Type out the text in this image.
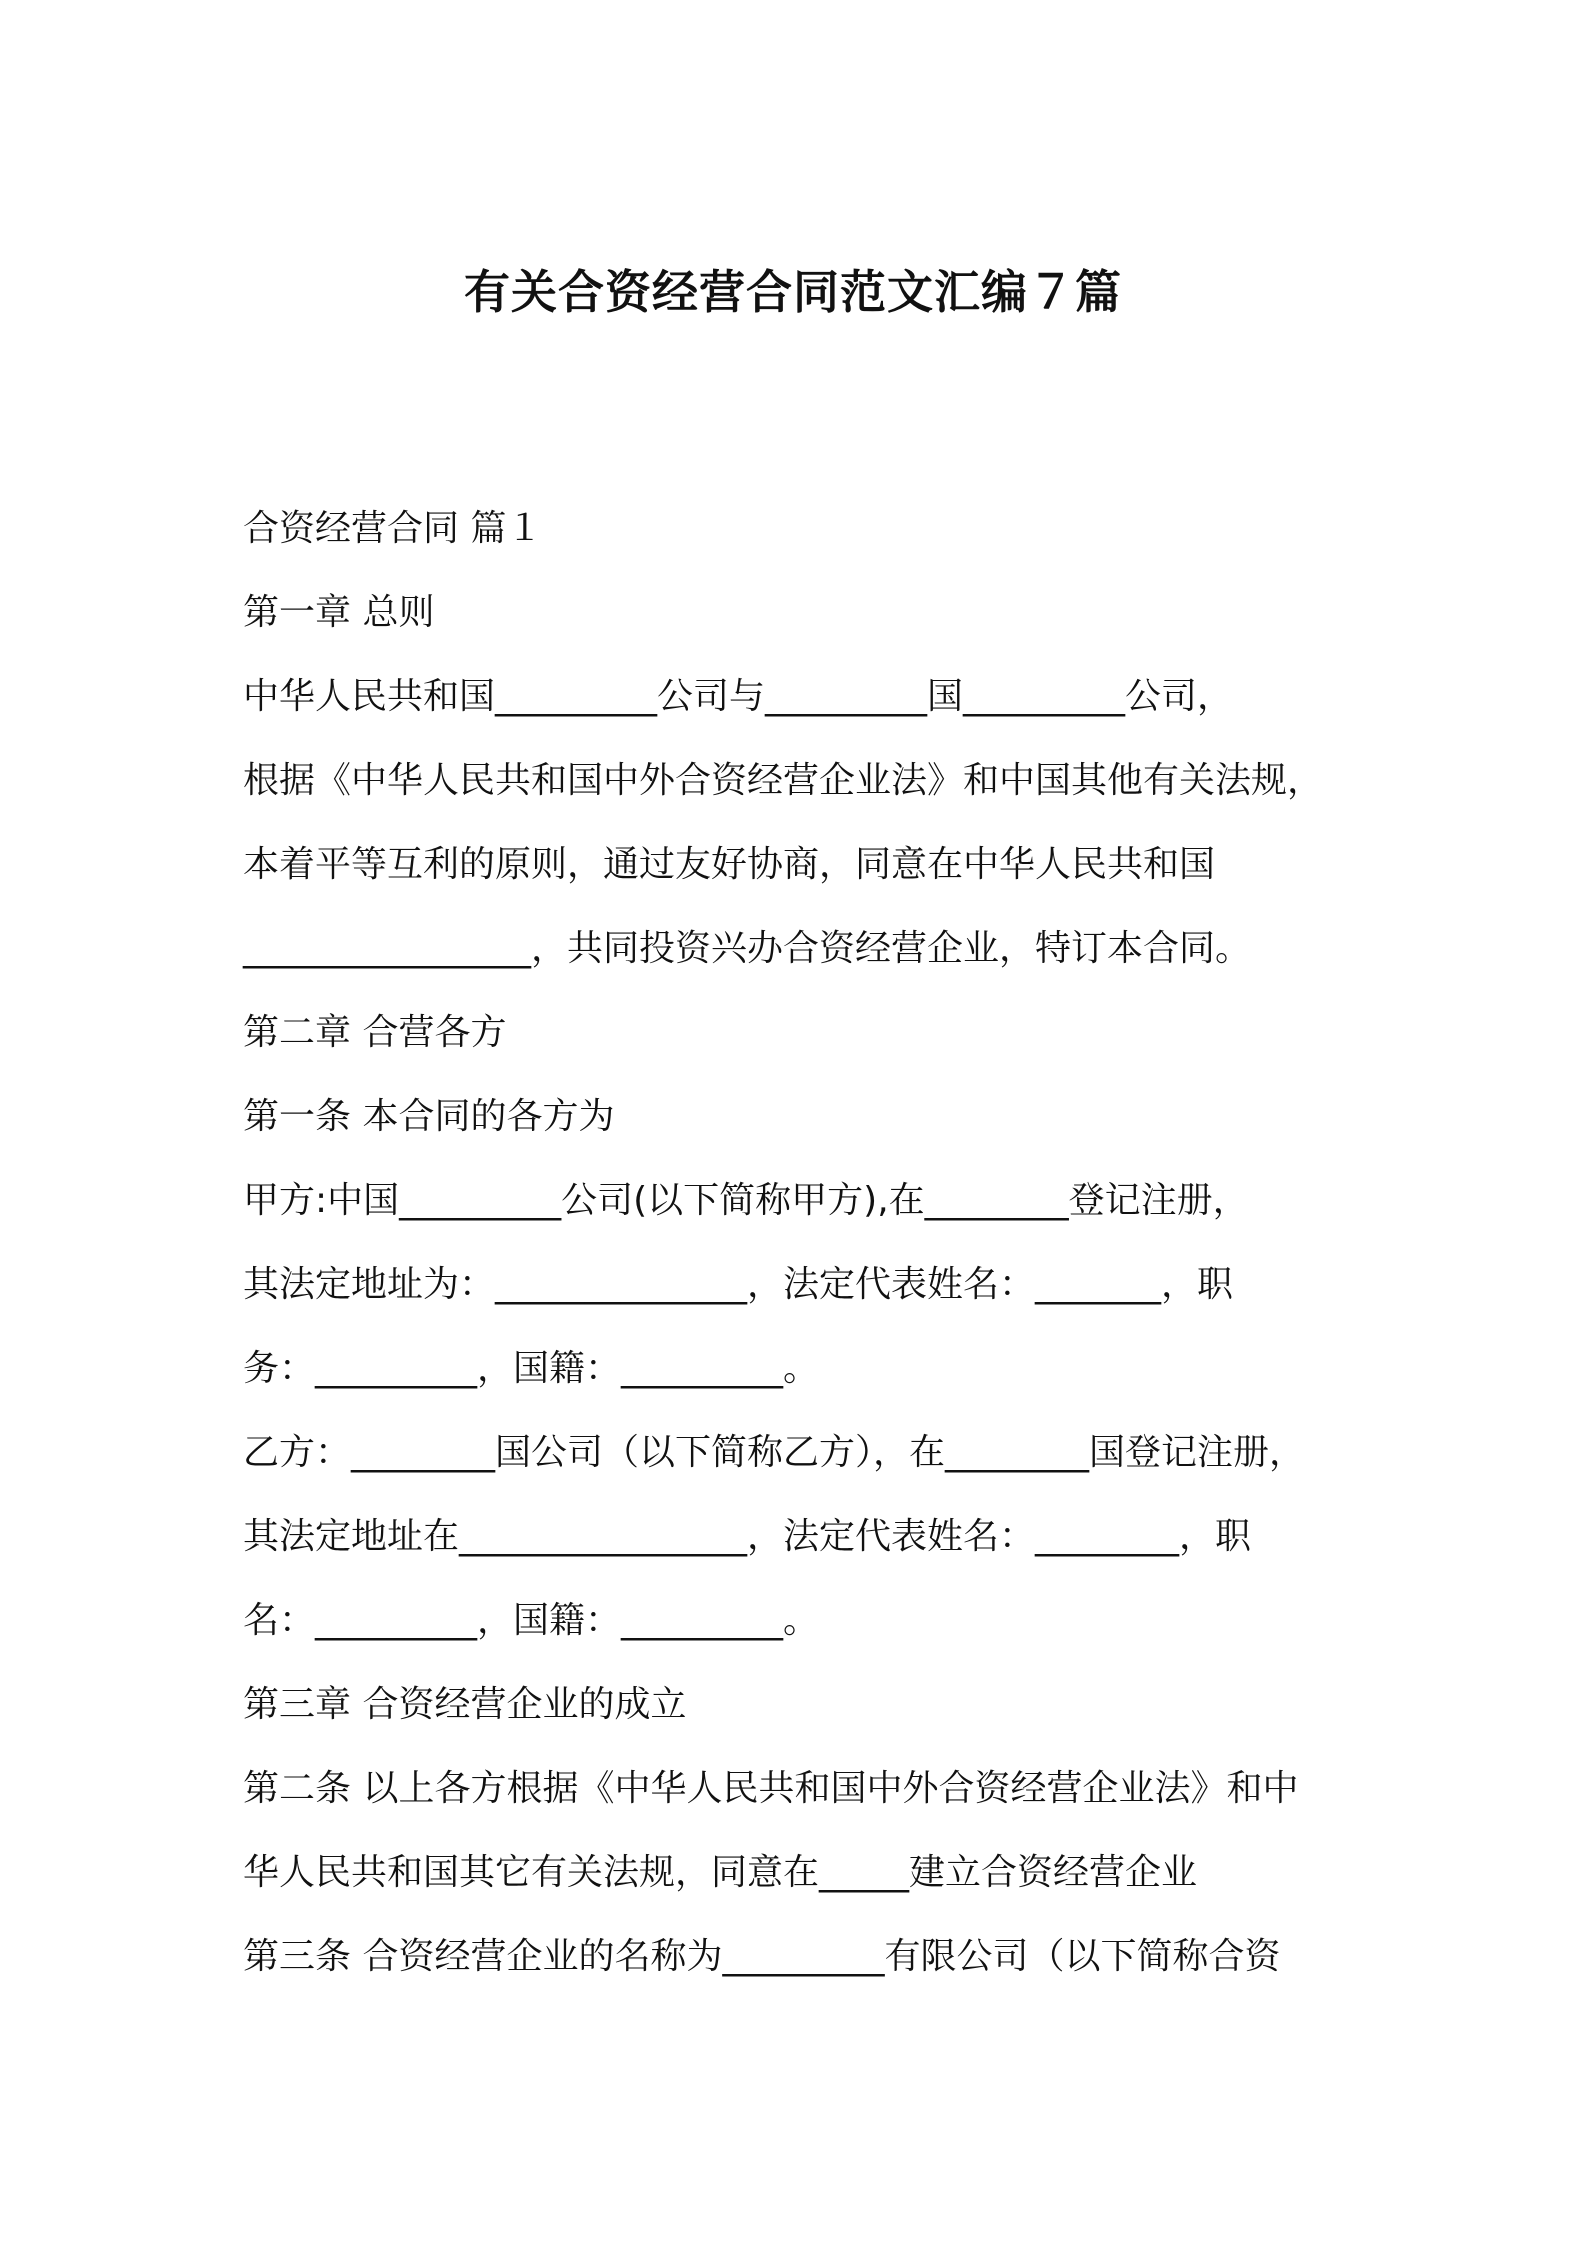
有关合资经营合同范文汇编７篇
合资经营合同 篇１
第一章 总则
中华人民共和国_________公司与_________国_________公司，
根据《中华人民共和国中外合资经营企业法》和中国其他有关法规，
本着平等互利的原则，通过友好协商，同意在中华人民共和国
________________，共同投资兴办合资经营企业，特订本合同。
第二章 合营各方
第一条 本合同的各方为
甲方:中国_________公司(以下简称甲方),在________登记注册，
其法定地址为：______________，法定代表姓名：_______，职
务：_________，国籍：_________。
乙方：________国公司（以下简称乙方），在________国登记注册，
其法定地址在________________，法定代表姓名：________，职
名：_________，国籍：_________。
第三章 合资经营企业的成立
第二条 以上各方根据《中华人民共和国中外合资经营企业法》和中
华人民共和国其它有关法规，同意在_____建立合资经营企业
第三条 合资经营企业的名称为_________有限公司（以下简称合资
